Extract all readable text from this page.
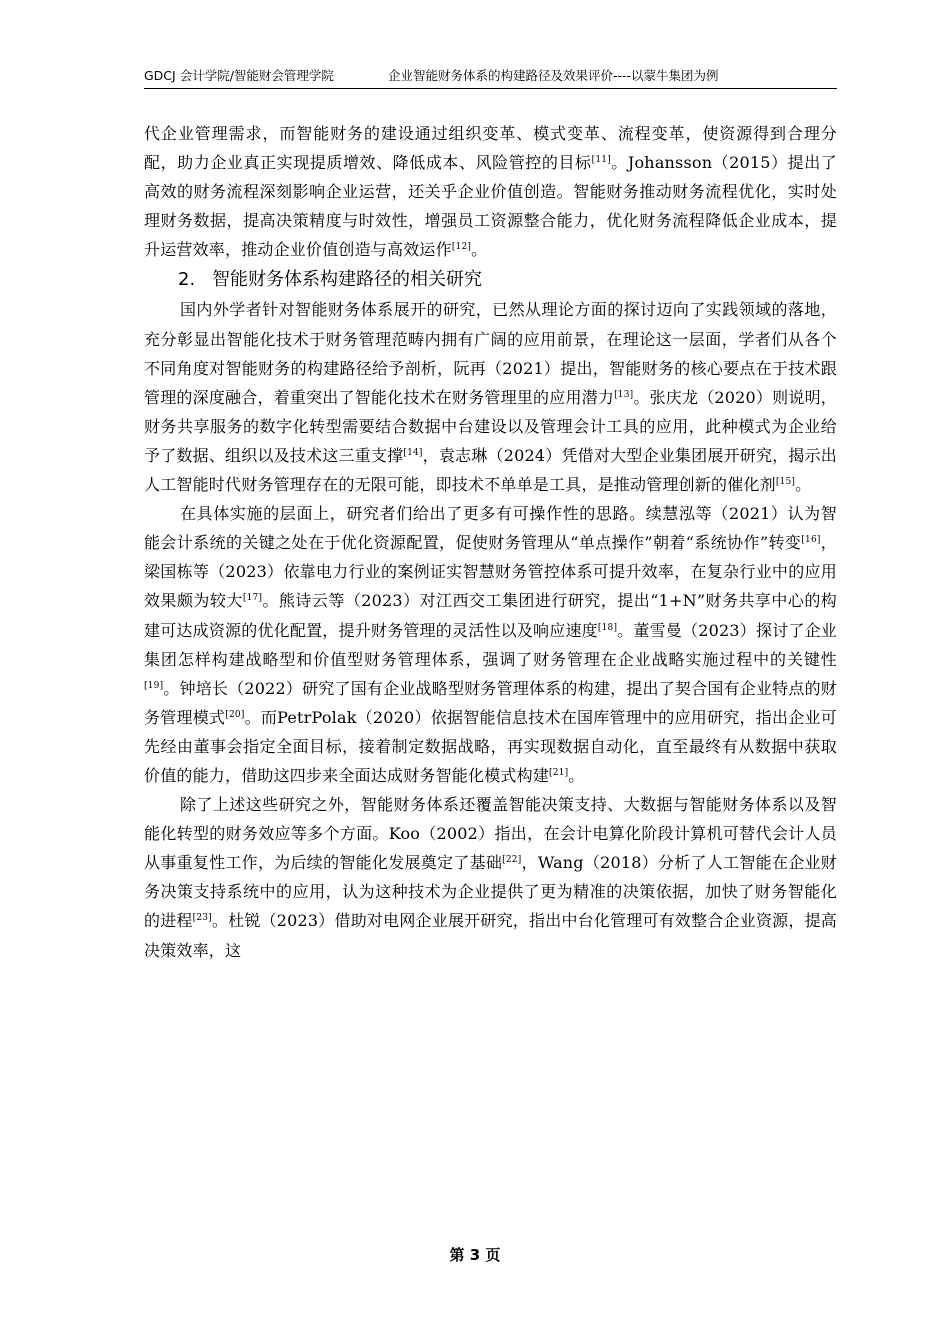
GDCJ 会计学院/智能财会管理学院	企业智能财务体系的构建路径及效果评价----以蒙牛集团为例

代企业管理需求，而智能财务的建设通过组织变革、模式变革、流程变革，使资源得到合理分配，助力企业真正实现提质增效、降低成本、风险管控的目标[11]。Johansson（2015）提出了高效的财务流程深刻影响企业运营，还关乎企业价值创造。智能财务推动财务流程优化，实时处理财务数据，提高决策精度与时效性，增强员工资源整合能力，优化财务流程降低企业成本，提升运营效率，推动企业价值创造与高效运作[12]。

2. 智能财务体系构建路径的相关研究

国内外学者针对智能财务体系展开的研究，已然从理论方面的探讨迈向了实践领域的落地，充分彰显出智能化技术于财务管理范畴内拥有广阔的应用前景，在理论这一层面，学者们从各个不同角度对智能财务的构建路径给予剖析，阮再（2021）提出，智能财务的核心要点在于技术跟管理的深度融合，着重突出了智能化技术在财务管理里的应用潜力[13]。张庆龙（2020）则说明，财务共享服务的数字化转型需要结合数据中台建设以及管理会计工具的应用，此种模式为企业给予了数据、组织以及技术这三重支撑[14]，袁志琳（2024）凭借对大型企业集团展开研究，揭示出人工智能时代财务管理存在的无限可能，即技术不单单是工具，是推动管理创新的催化剂[15]。

在具体实施的层面上，研究者们给出了更多有可操作性的思路。续慧泓等（2021）认为智能会计系统的关键之处在于优化资源配置，促使财务管理从“单点操作”朝着“系统协作”转变[16]，梁国栋等（2023）依靠电力行业的案例证实智慧财务管控体系可提升效率，在复杂行业中的应用效果颇为较大[17]。熊诗云等（2023）对江西交工集团进行研究，提出“1+N”财务共享中心的构建可达成资源的优化配置，提升财务管理的灵活性以及响应速度[18]。董雪曼（2023）探讨了企业集团怎样构建战略型和价值型财务管理体系，强调了财务管理在企业战略实施过程中的关键性[19]。钟培长（2022）研究了国有企业战略型财务管理体系的构建，提出了契合国有企业特点的财务管理模式[20]。而PetrPolak（2020）依据智能信息技术在国库管理中的应用研究，指出企业可先经由董事会指定全面目标，接着制定数据战略，再实现数据自动化，直至最终有从数据中获取价值的能力，借助这四步来全面达成财务智能化模式构建[21]。

除了上述这些研究之外，智能财务体系还覆盖智能决策支持、大数据与智能财务体系以及智能化转型的财务效应等多个方面。Koo（2002）指出，在会计电算化阶段计算机可替代会计人员从事重复性工作，为后续的智能化发展奠定了基础[22]，Wang（2018）分析了人工智能在企业财务决策支持系统中的应用，认为这种技术为企业提供了更为精准的决策依据，加快了财务智能化的进程[23]。杜锐（2023）借助对电网企业展开研究，指出中台化管理可有效整合企业资源，提高决策效率，这

第 3 页
